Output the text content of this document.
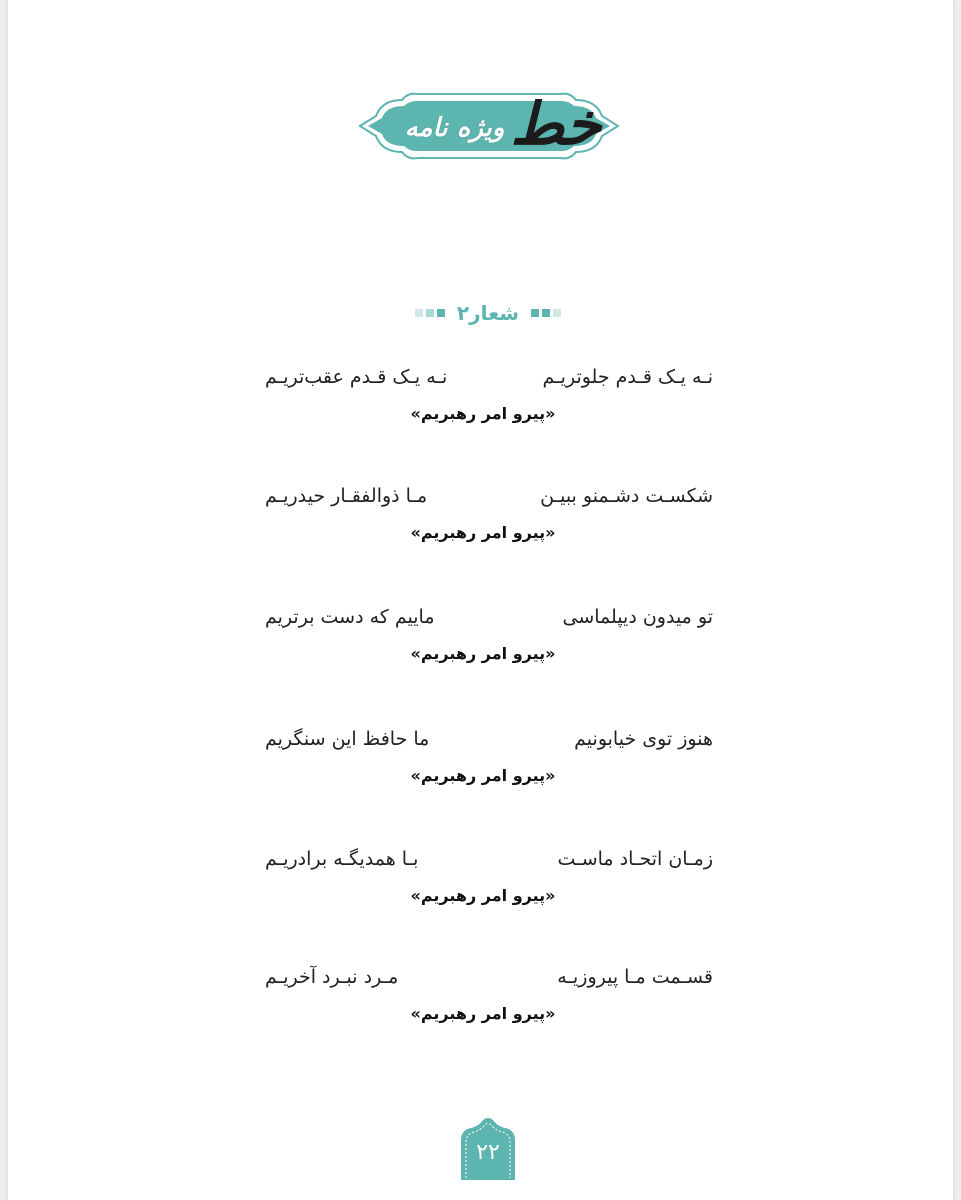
خط
ویژه نامه
شعار۲
نـه یـک قـدم جلوتریـم
نـه یـک قـدم عقب‌تریـم
«پیرو امر رهبریم»
شکسـت دشـمنو ببیـن
مـا ذوالفقـار حیدریـم
«پیرو امر رهبریم»
تو میدون دیپلماسی
ماییم که دست برتریم
«پیرو امر رهبریم»
هنوز توی خیابونیم
ما حافظ این سنگریم
«پیرو امر رهبریم»
زمـان اتحـاد ماسـت
بـا همدیگـه برادریـم
«پیرو امر رهبریم»
قسـمت مـا پیروزیـه
مـرد نبـرد آخریـم
«پیرو امر رهبریم»
۲۲
